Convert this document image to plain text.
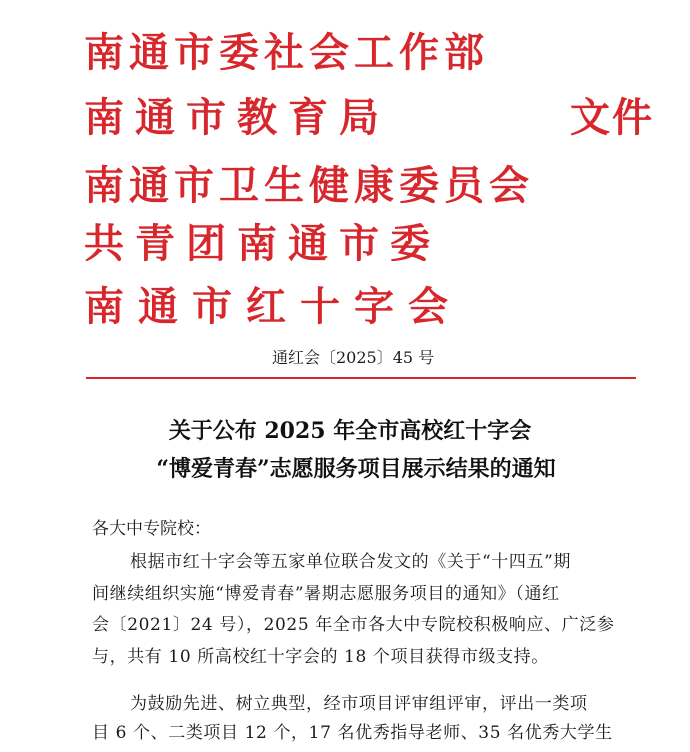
南通市委社会工作部
南通市教育局	文件
南通市卫生健康委员会
共青团南通市委
南通市红十字会
通红会〔2025〕45 号
关于公布 2025 年全市高校红十字会
“博爱青春”志愿服务项目展示结果的通知
各大中专院校：
根据市红十字会等五家单位联合发文的《关于“十四五”期
间继续组织实施“博爱青春”暑期志愿服务项目的通知》（通红
会〔2021〕24 号），2025 年全市各大中专院校积极响应、广泛参
与，共有 10 所高校红十字会的 18 个项目获得市级支持。
为鼓励先进、树立典型，经市项目评审组评审，评出一类项
目 6 个、二类项目 12 个，17 名优秀指导老师、35 名优秀大学生
